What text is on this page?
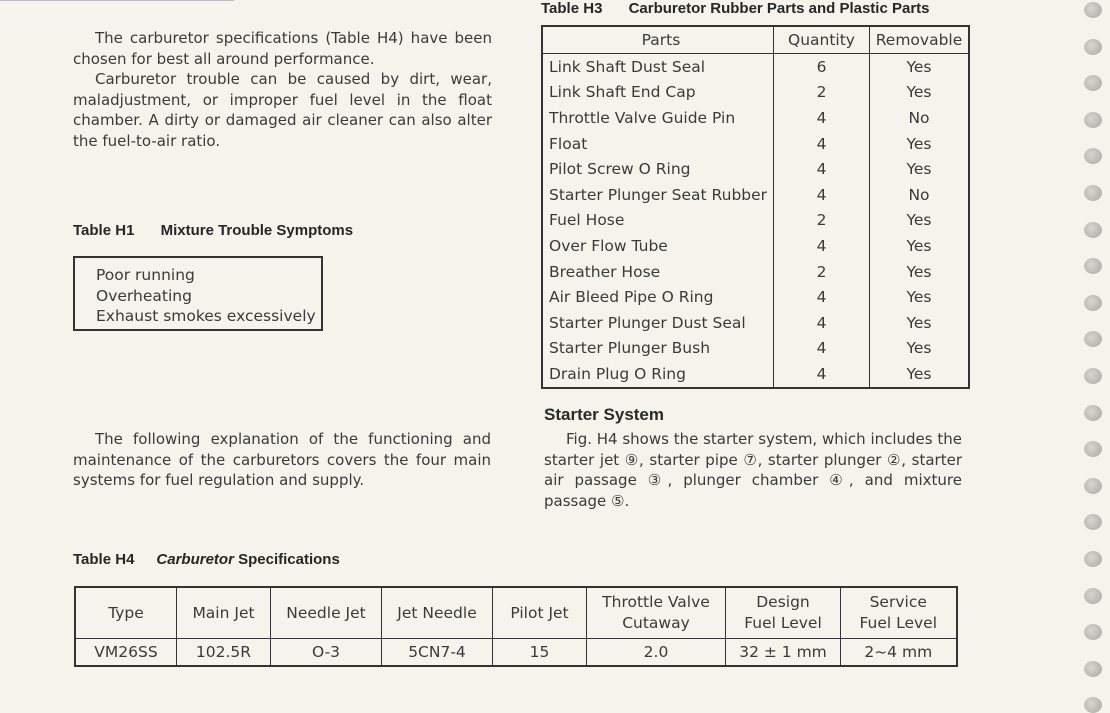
The carburetor specifications (Table H4) have been chosen for best all around performance.

Carburetor trouble can be caused by dirt, wear, maladjustment, or improper fuel level in the float chamber. A dirty or damaged air cleaner can also alter the fuel-to-air ratio.

Table H1 Mixture Trouble Symptoms
Poor running
Overheating
Exhaust smokes excessively

The following explanation of the functioning and maintenance of the carburetors covers the four main systems for fuel regulation and supply.

Table H3 Carburetor Rubber Parts and Plastic Parts
Parts	Quantity	Removable
Link Shaft Dust Seal	6	Yes
Link Shaft End Cap	2	Yes
Throttle Valve Guide Pin	4	No
Float	4	Yes
Pilot Screw O Ring	4	Yes
Starter Plunger Seat Rubber	4	No
Fuel Hose	2	Yes
Over Flow Tube	4	Yes
Breather Hose	2	Yes
Air Bleed Pipe O Ring	4	Yes
Starter Plunger Dust Seal	4	Yes
Starter Plunger Bush	4	Yes
Drain Plug O Ring	4	Yes
Starter System

Fig. H4 shows the starter system, which includes the starter jet ⑨, starter pipe ⑦, starter plunger ②, starter air passage ③, plunger chamber ④, and mixture passage ⑤.

Table H4 Carburetor Specifications
Type	Main Jet	Needle Jet	Jet Needle	Pilot Jet	Throttle Valve Cutaway	Design Fuel Level	Service Fuel Level
VM26SS	102.5R	O-3	5CN7-4	15	2.0	32 ± 1 mm	2~4 mm
